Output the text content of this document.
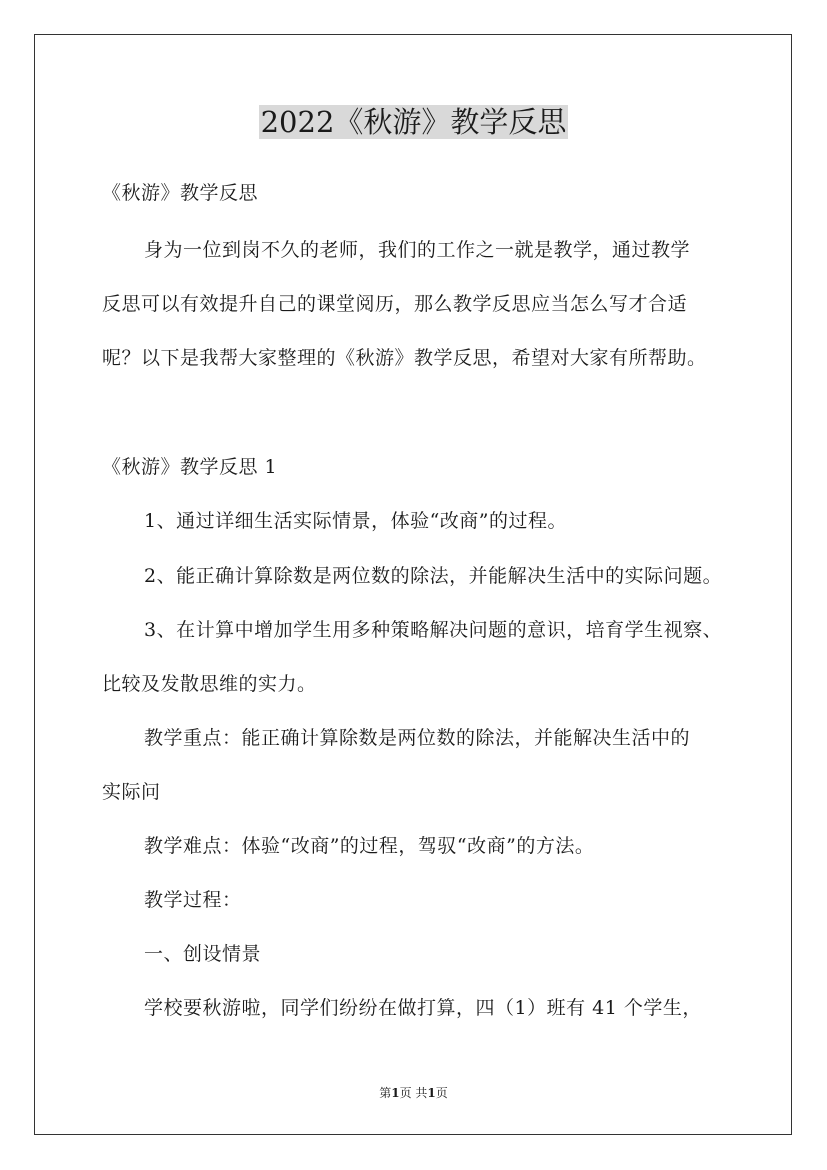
2022《秋游》教学反思
《秋游》教学反思
身为一位到岗不久的老师，我们的工作之一就是教学，通过教学
反思可以有效提升自己的课堂阅历，那么教学反思应当怎么写才合适
呢？以下是我帮大家整理的《秋游》教学反思，希望对大家有所帮助。
《秋游》教学反思 1
1、通过详细生活实际情景，体验“改商”的过程。
2、能正确计算除数是两位数的除法，并能解决生活中的实际问题。
3、在计算中增加学生用多种策略解决问题的意识，培育学生视察、
比较及发散思维的实力。
教学重点：能正确计算除数是两位数的除法，并能解决生活中的
实际问
教学难点：体验“改商”的过程，驾驭“改商”的方法。
教学过程：
一、创设情景
学校要秋游啦，同学们纷纷在做打算，四（1）班有 41 个学生，
第1页 共1页
